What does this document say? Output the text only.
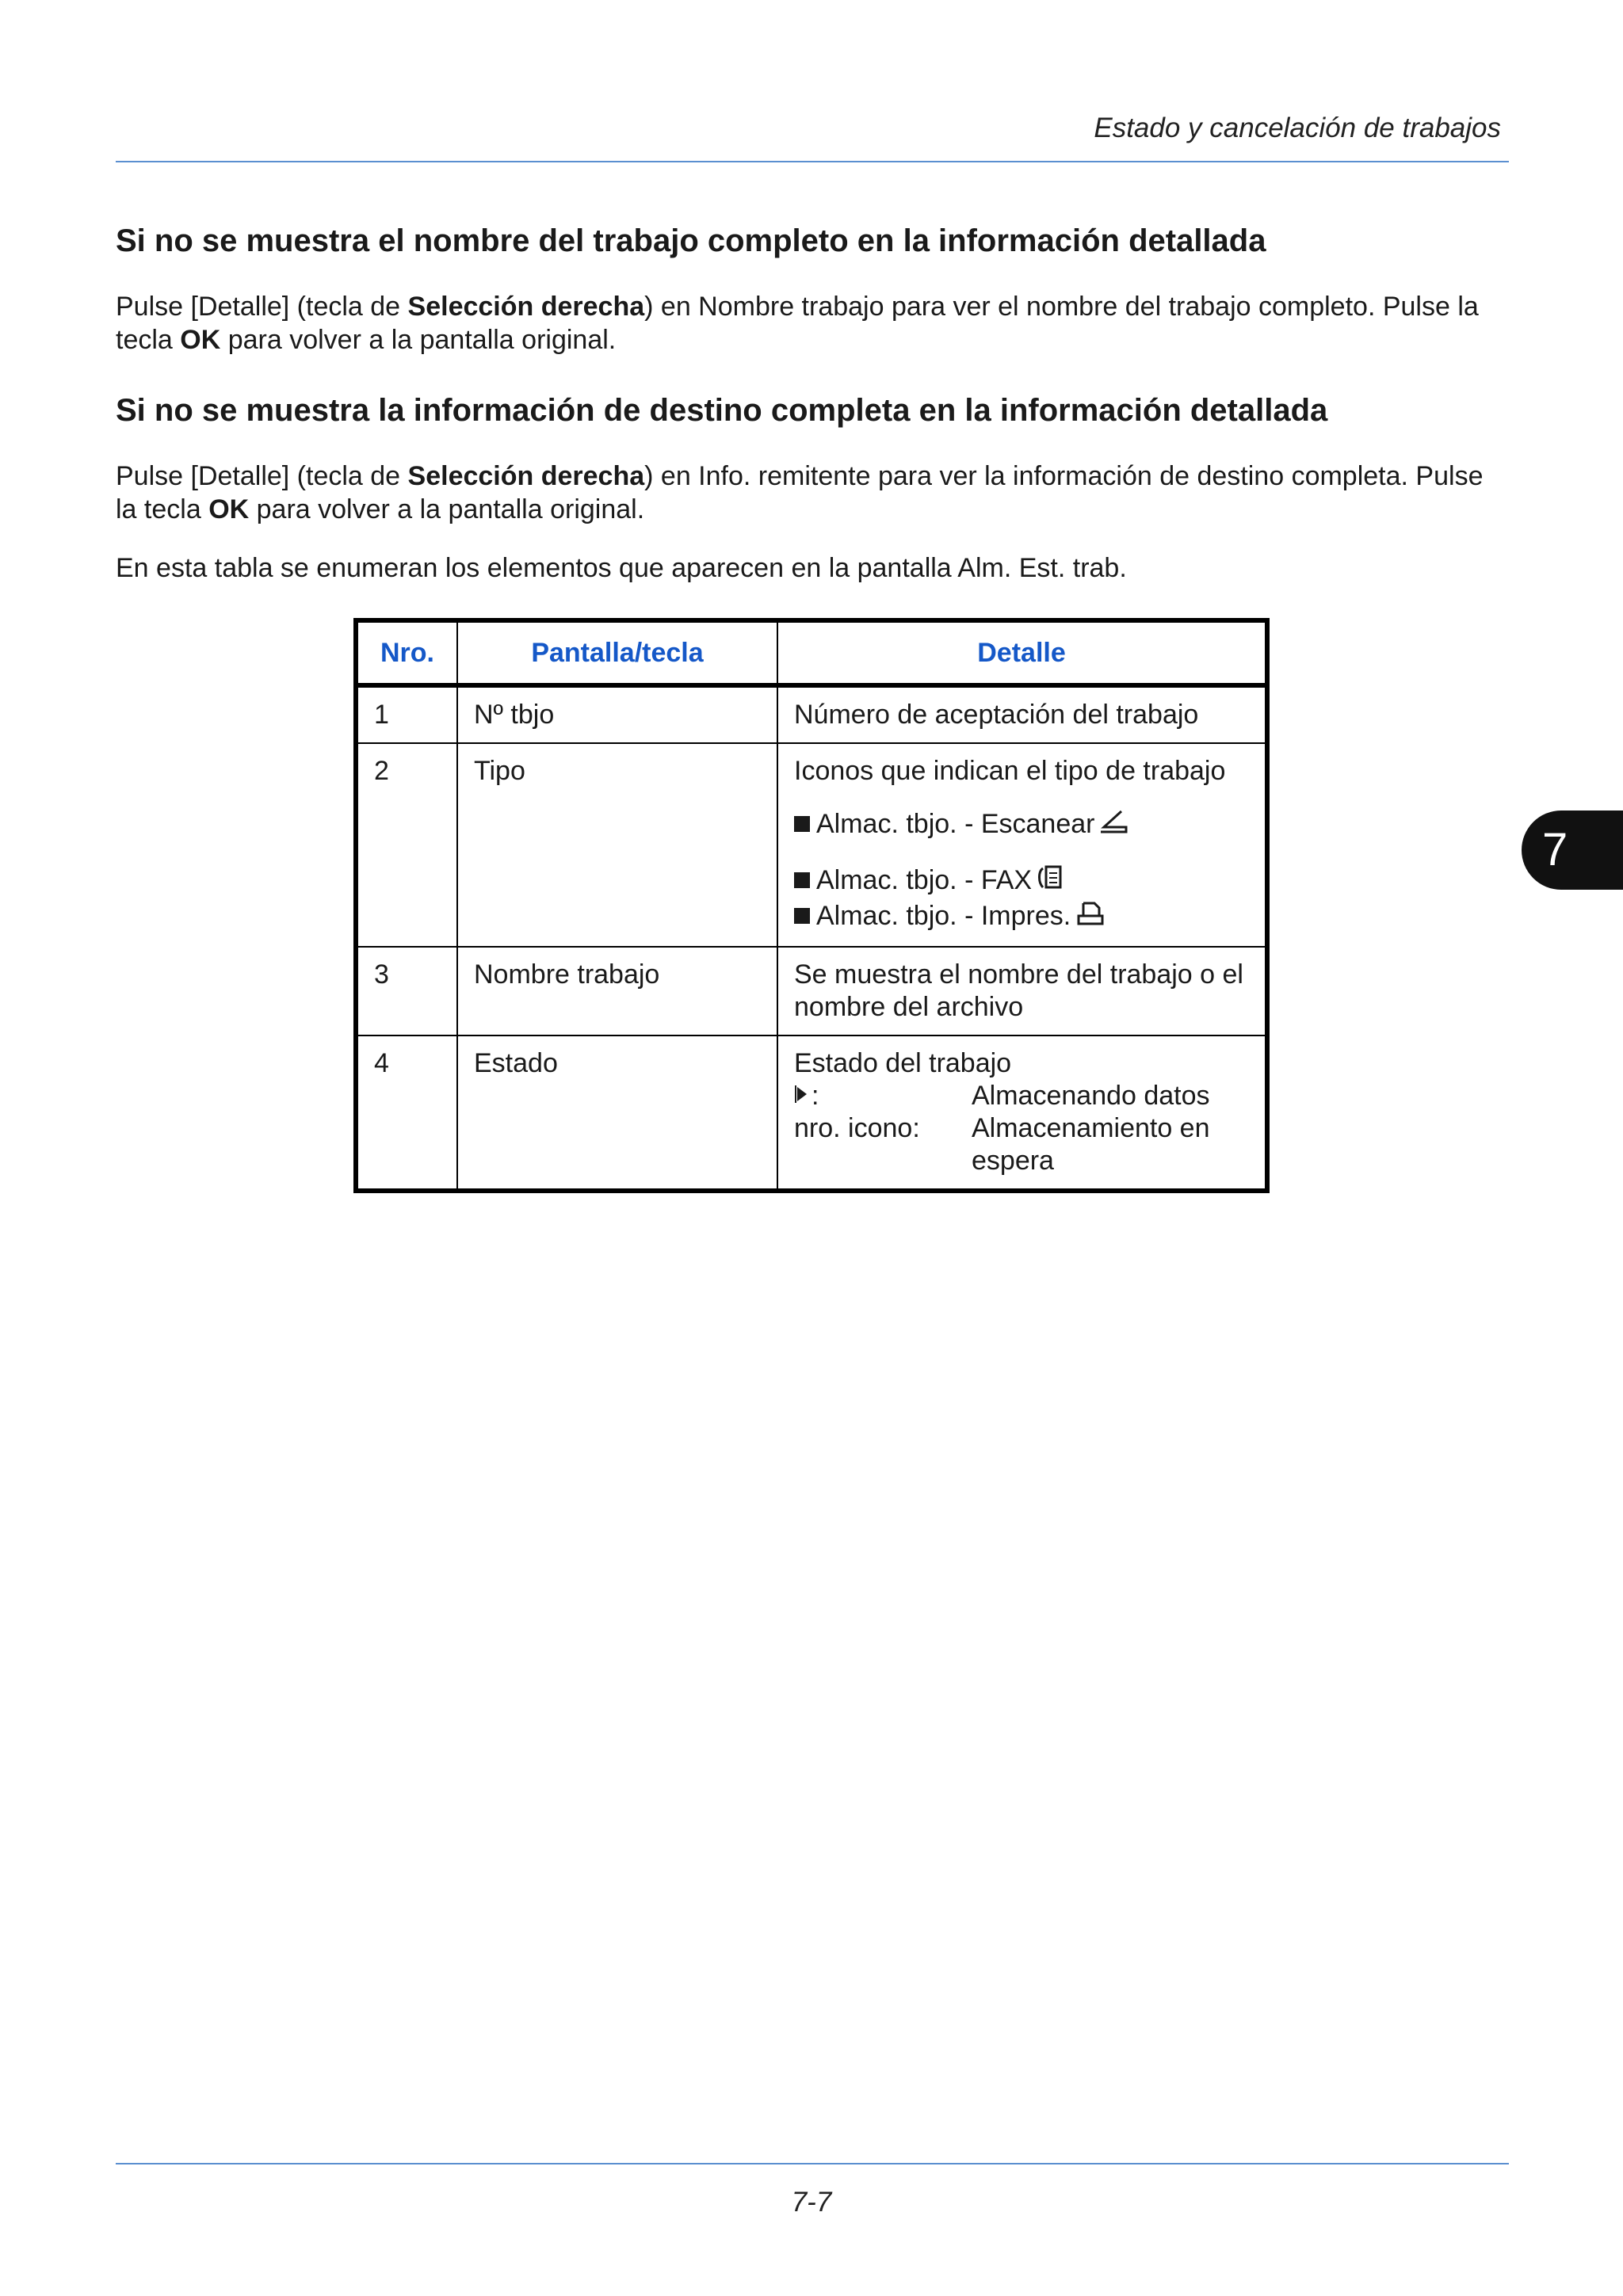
Estado y cancelación de trabajos
Si no se muestra el nombre del trabajo completo en la información detallada
Pulse [Detalle] (tecla de Selección derecha) en Nombre trabajo para ver el nombre del trabajo completo. Pulse la tecla OK para volver a la pantalla original.
Si no se muestra la información de destino completa en la información detallada
Pulse [Detalle] (tecla de Selección derecha) en Info. remitente para ver la información de destino completa. Pulse la tecla OK para volver a la pantalla original.
En esta tabla se enumeran los elementos que aparecen en la pantalla Alm. Est. trab.
Nro.	Pantalla/tecla	Detalle
1	Nº tbjo	Número de aceptación del trabajo
2	Tipo	Iconos que indican el tipo de trabajo
Almac. tbjo. - Escanear
Almac. tbjo. - FAX
Almac. tbjo. - Impres.

3	Nombre trabajo	Se muestra el nombre del trabajo o el nombre del archivo
4	Estado	Estado del trabajo
: Almacenando datos
nro. icono: Almacenamiento en espera
7
7-7
